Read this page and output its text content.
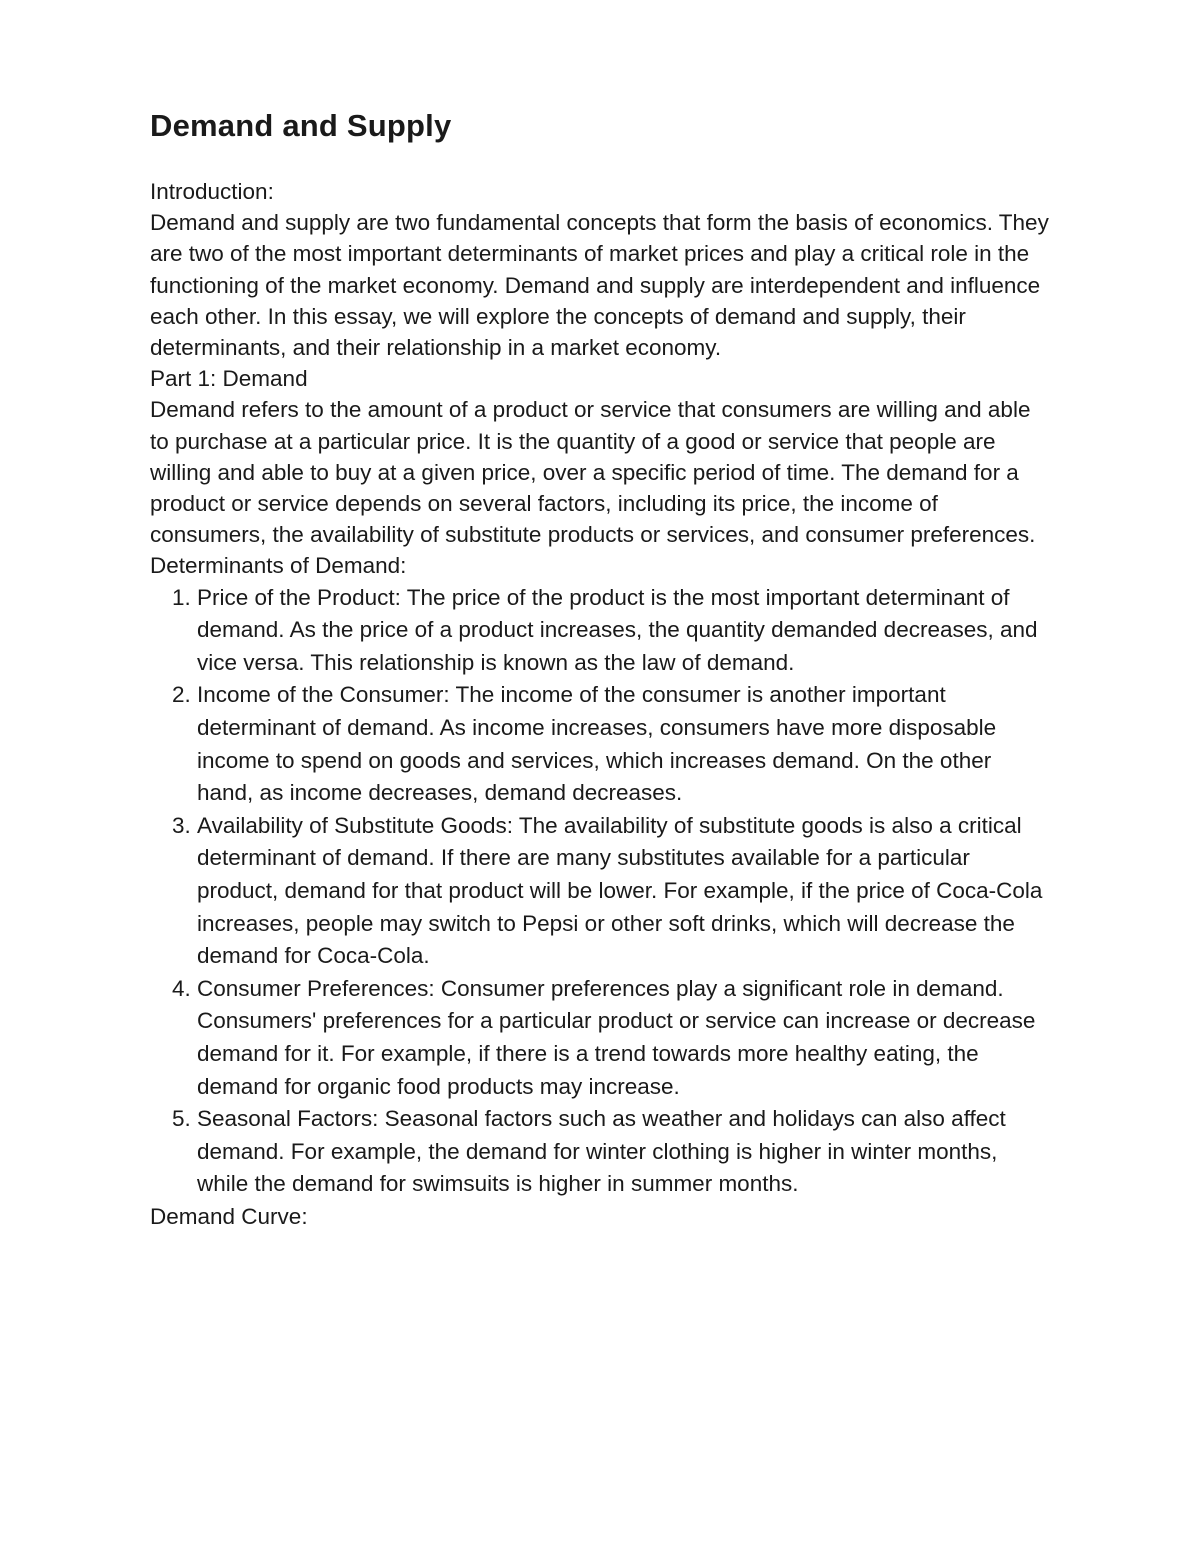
Demand and Supply

Introduction:

Demand and supply are two fundamental concepts that form the basis of economics. They are two of the most important determinants of market prices and play a critical role in the functioning of the market economy. Demand and supply are interdependent and influence each other. In this essay, we will explore the concepts of demand and supply, their determinants, and their relationship in a market economy.

Part 1: Demand

Demand refers to the amount of a product or service that consumers are willing and able to purchase at a particular price. It is the quantity of a good or service that people are willing and able to buy at a given price, over a specific period of time. The demand for a product or service depends on several factors, including its price, the income of consumers, the availability of substitute products or services, and consumer preferences.

Determinants of Demand:

1. Price of the Product: The price of the product is the most important determinant of demand. As the price of a product increases, the quantity demanded decreases, and vice versa. This relationship is known as the law of demand.
2. Income of the Consumer: The income of the consumer is another important determinant of demand. As income increases, consumers have more disposable income to spend on goods and services, which increases demand. On the other hand, as income decreases, demand decreases.
3. Availability of Substitute Goods: The availability of substitute goods is also a critical determinant of demand. If there are many substitutes available for a particular product, demand for that product will be lower. For example, if the price of Coca-Cola increases, people may switch to Pepsi or other soft drinks, which will decrease the demand for Coca-Cola.
4. Consumer Preferences: Consumer preferences play a significant role in demand. Consumers' preferences for a particular product or service can increase or decrease demand for it. For example, if there is a trend towards more healthy eating, the demand for organic food products may increase.
5. Seasonal Factors: Seasonal factors such as weather and holidays can also affect demand. For example, the demand for winter clothing is higher in winter months, while the demand for swimsuits is higher in summer months.

Demand Curve:
